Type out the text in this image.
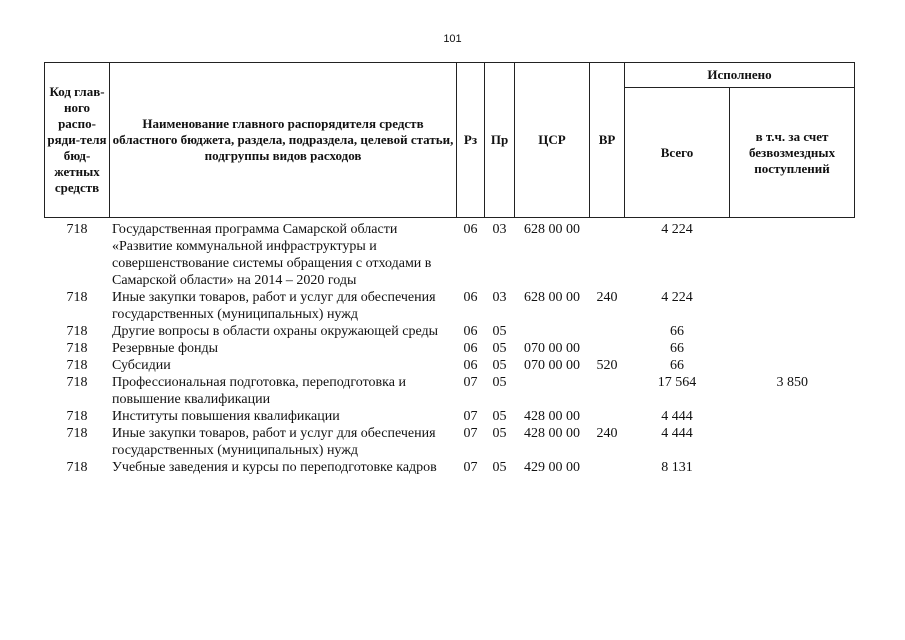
101
Код глав-ного распо-ряди-теля бюд-жетных средств	Наименование главного распорядителя средств областного бюджета, раздела, подраздела, целевой статьи, подгруппы видов расходов	Рз	Пр	ЦСР	ВР	Исполнено	
						Всего	в т.ч. за счет безвозмездных поступлений
718	Государственная программа Самарской области «Развитие коммунальной инфраструктуры и совершенствование системы обращения с отходами в Самарской области» на 2014 – 2020 годы	06	03	628 00 00		4 224	
718	Иные закупки товаров, работ и услуг для обеспечения государственных (муниципальных) нужд	06	03	628 00 00	240	4 224	
718	Другие вопросы в области охраны окружающей среды	06	05			66	
718	Резервные фонды	06	05	070 00 00		66	
718	Субсидии	06	05	070 00 00	520	66	
718	Профессиональная подготовка, переподготовка и повышение квалификации	07	05			17 564	3 850
718	Институты повышения квалификации	07	05	428 00 00		4 444	
718	Иные закупки товаров, работ и услуг для обеспечения государственных (муниципальных) нужд	07	05	428 00 00	240	4 444	
718	Учебные заведения и курсы по переподготовке кадров	07	05	429 00 00		8 131	
